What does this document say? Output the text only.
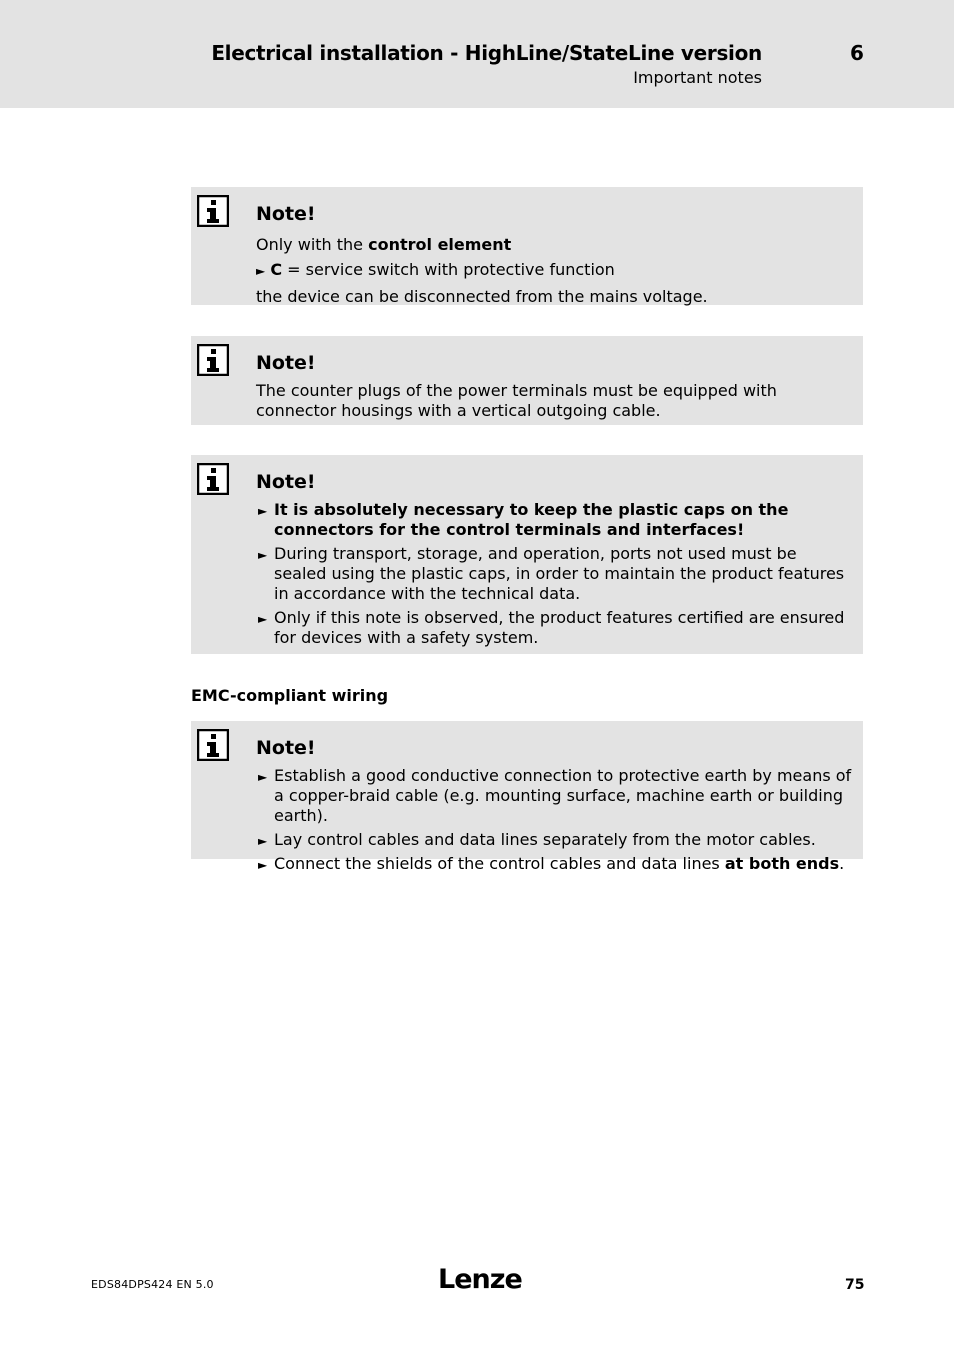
Electrical installation - HighLine/StateLine version
Important notes
6
Note!
Only with the control element
► C = service switch with protective function
the device can be disconnected from the mains voltage.
Note!

The counter plugs of the power terminals must be equipped with connector housings with a vertical outgoing cable.

Note!
► It is absolutely necessary to keep the plastic caps on the connectors for the control terminals and interfaces!
► During transport, storage, and operation, ports not used must be sealed using the plastic caps, in order to maintain the product features in accordance with the technical data.
► Only if this note is observed, the product features certified are ensured for devices with a safety system.
EMC-compliant wiring
Note!
► Establish a good conductive connection to protective earth by means of a copper-braid cable (e.g. mounting surface, machine earth or building earth).
► Lay control cables and data lines separately from the motor cables.
► Connect the shields of the control cables and data lines at both ends.
EDS84DPS424 EN 5.0	Lenze	75
